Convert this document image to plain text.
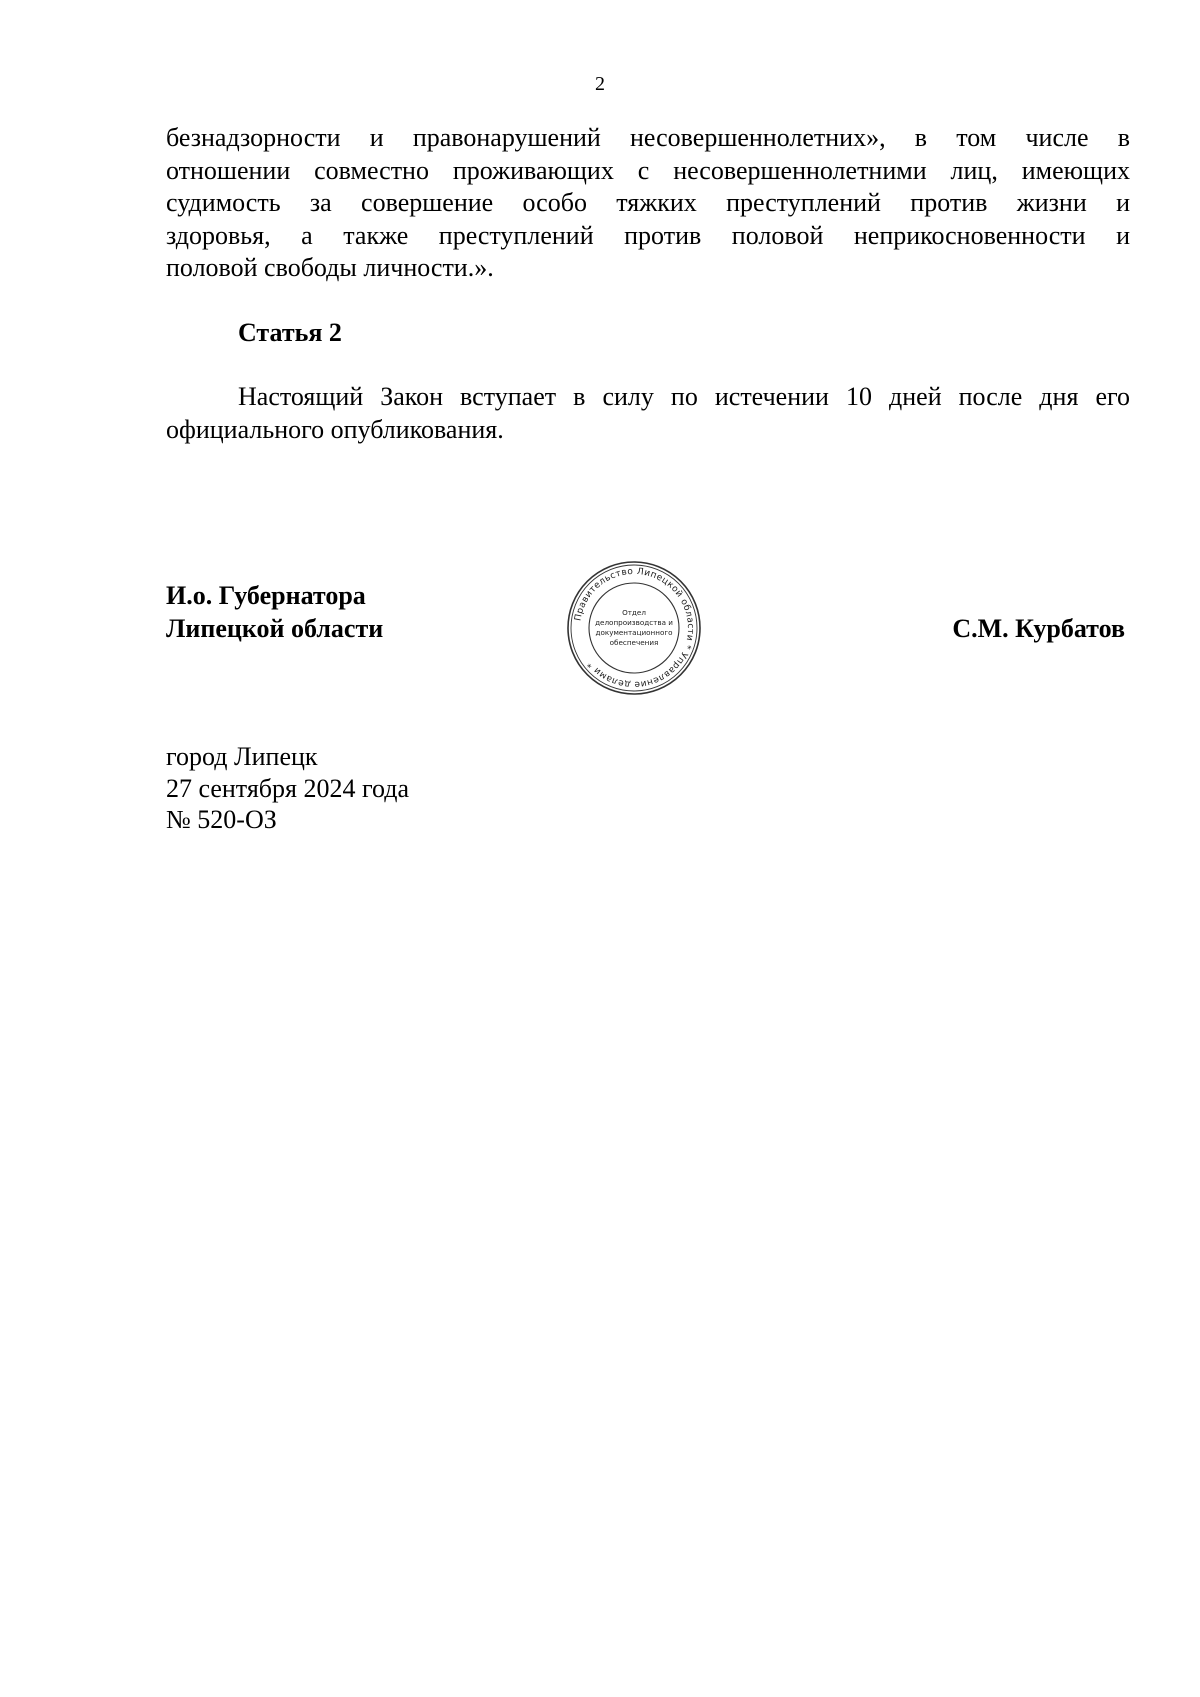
2

безнадзорности и правонарушений несовершеннолетних», в том числе в
отношении совместно проживающих с несовершеннолетними лиц, имеющих
судимость за совершение особо тяжких преступлений против жизни и
здоровья, а также преступлений против половой неприкосновенности и
половой свободы личности.».

Статья 2

Настоящий Закон вступает в силу по истечении 10 дней после дня его
официального опубликования.

И.о. Губернатора
Липецкой области	Правительство Липецкой области * Управление делами *
Отдел
делопроизводства и
документационного
обеспечения	С.М. Курбатов
город Липецк
27 сентября 2024 года
№ 520-ОЗ
